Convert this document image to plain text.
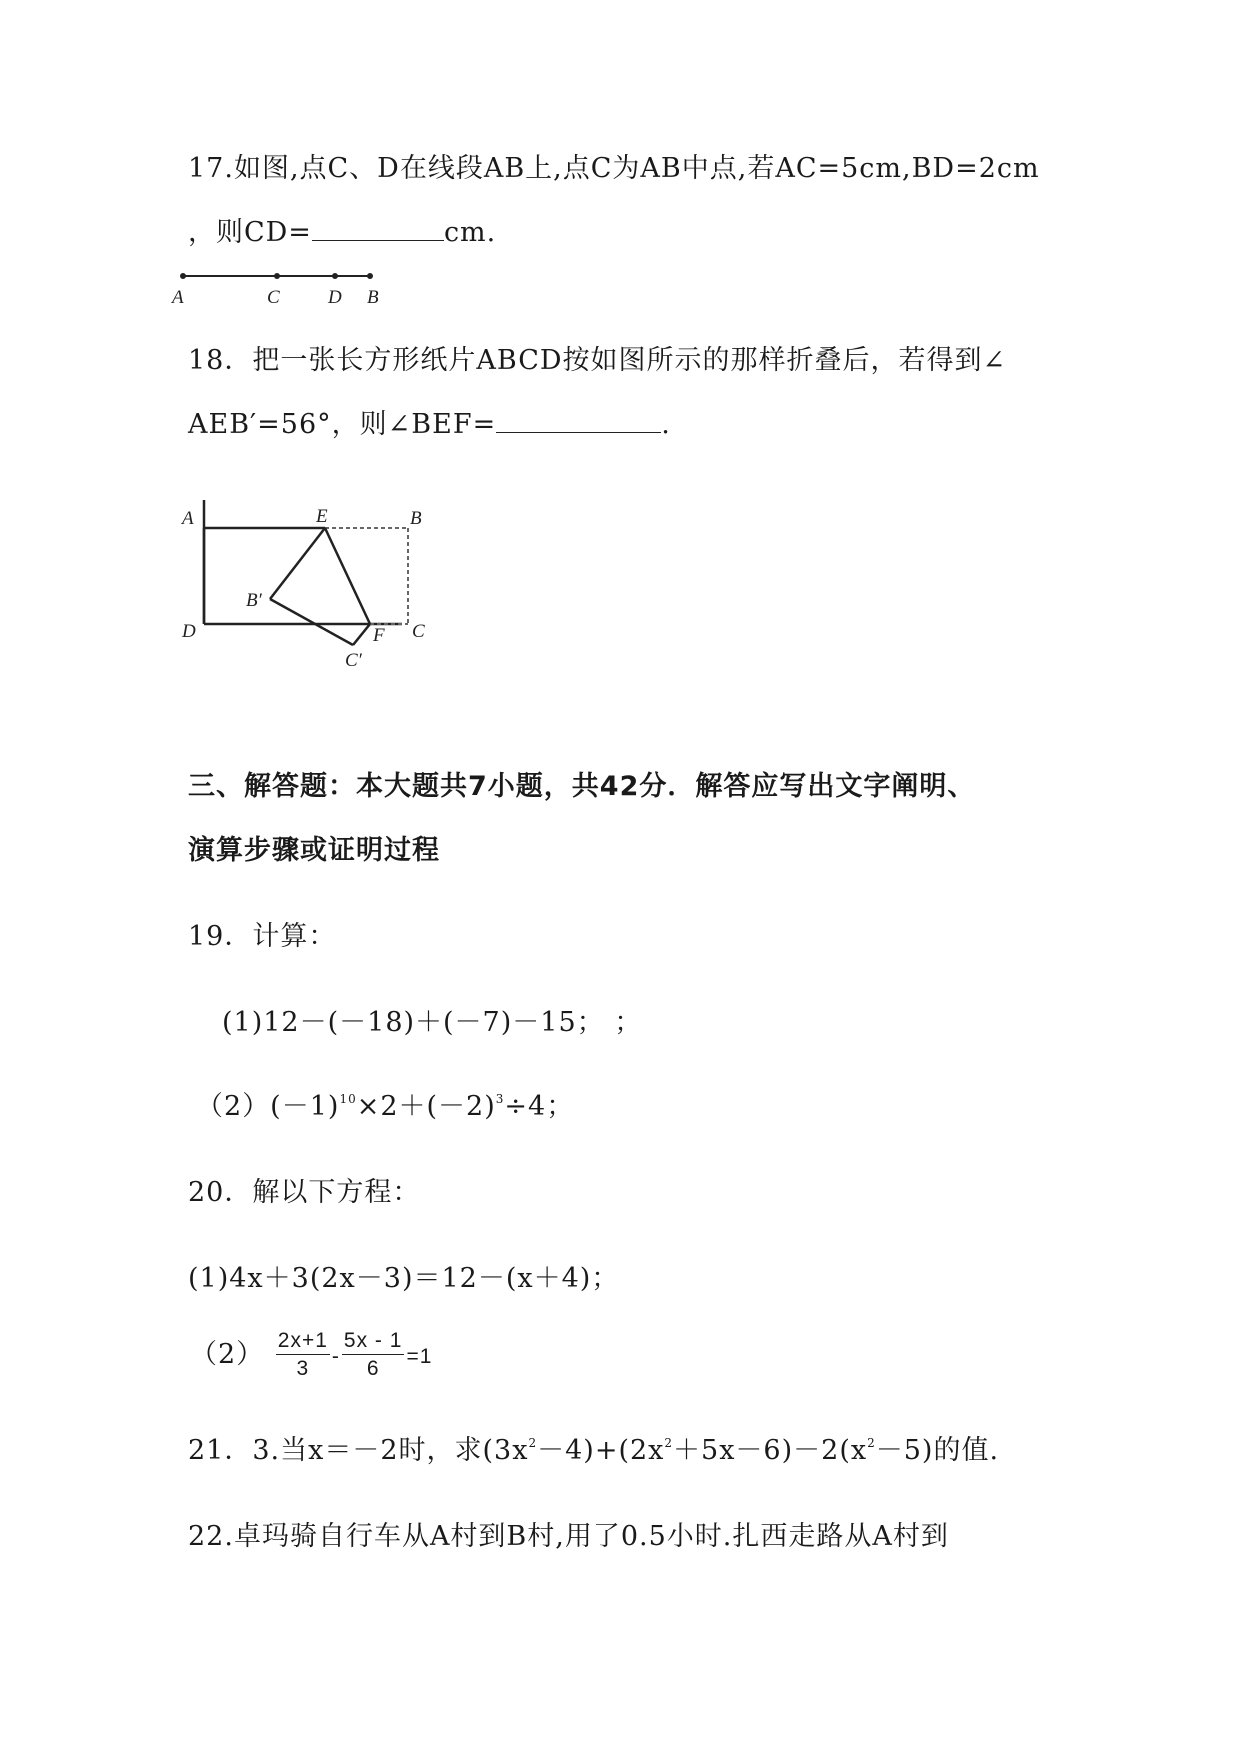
17.如图,点C、D在线段AB上,点C为AB中点,若AC=5cm,BD=2cm
，则CD=	cm.
A	C	D B
18．把一张长方形纸片ABCD按如图所示的那样折叠后，若得到∠
AEB′=56°，则∠BEF=	.
A	E	B
B′
D	F C
C′
三、解答题：本大题共7小题，共42分．解答应写出文字阐明、
演算步骤或证明过程
19．计算：
(1)12－(－18)＋(－7)－15； ；
$(2)(-1)^{10}\times 2+(-2)^3\div 4$；
20．解以下方程：
(1)4x＋3(2x－3)＝12－(x＋4)；
$(2) \frac{2x+1}{3} - \frac{5x - 1}{6} =1$
21．3.当x＝－2时，求$(3x^2-4)+(2x^2+5x-6)-2(x^2-5)$的值.
22.卓玛骑自行车从A村到B村,用了0.5小时.扎西走路从A村到
